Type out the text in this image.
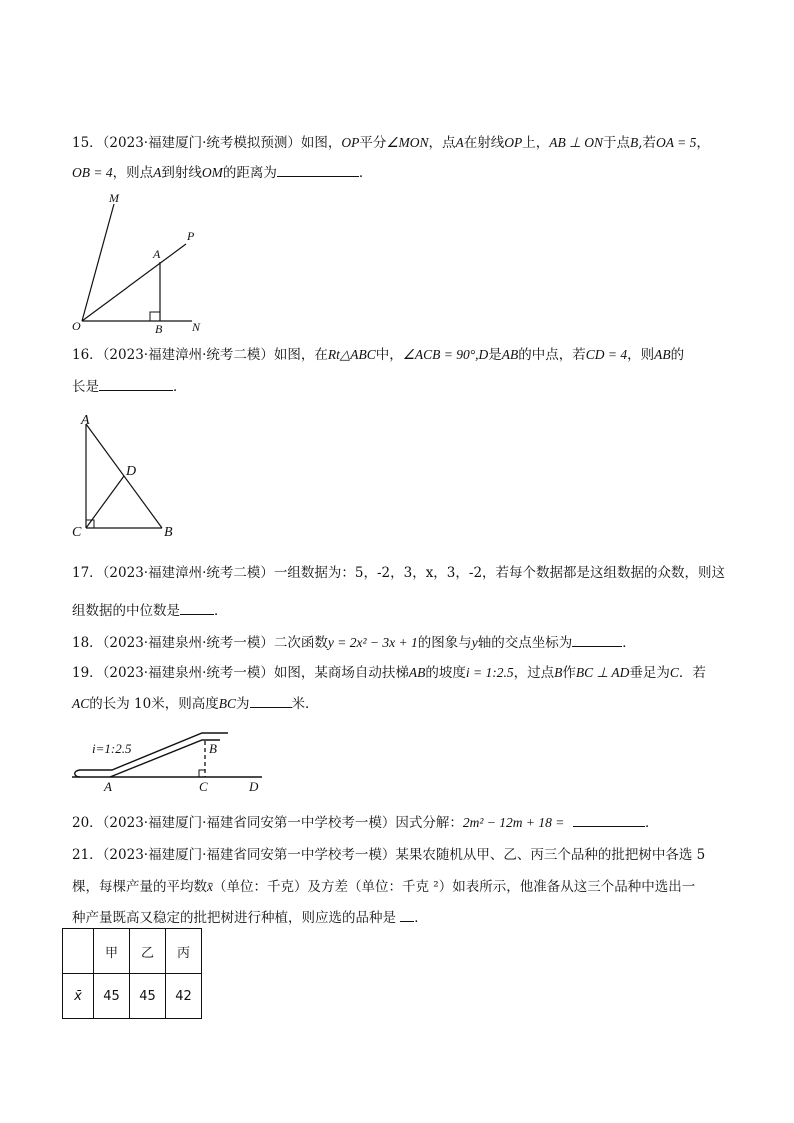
15．（2023·福建厦门·统考模拟预测）如图，OP平分∠MON，点A在射线OP上，AB ⊥ ON于点B,若OA = 5，
OB = 4，则点A到射线OM的距离为	．
M
P
A
O	B N
16．（2023·福建漳州·统考二模）如图，在Rt△ABC中，∠ACB = 90°,D是AB的中点，若CD = 4，则AB的
长是	．
A
D
C	B
17．（2023·福建漳州·统考二模）一组数据为：5，-2，3，x，3，-2，若每个数据都是这组数据的众数，则这
组数据的中位数是	．
18．（2023·福建泉州·统考一模）二次函数y = 2x² − 3x + 1的图象与y轴的交点坐标为	．
19．（2023·福建泉州·统考一模）如图，某商场自动扶梯AB的坡度i = 1:2.5，过点B作BC ⊥ AD垂足为C．若
AC的长为 10米，则高度BC为	米．
i=1:2.5	B
A	C	D
20．（2023·福建厦门·福建省同安第一中学校考一模）因式分解：2m² − 12m + 18 =	．
21．（2023·福建厦门·福建省同安第一中学校考一模）某果农随机从甲、乙、丙三个品种的批把树中各选 5
棵，每棵产量的平均数x̄（单位：千克）及方差（单位：千克 ²）如表所示，他准备从这三个品种中选出一
种产量既高又稳定的批把树进行种植，则应选的品种是 ．
	甲	乙	丙
x̄	45	45	42
